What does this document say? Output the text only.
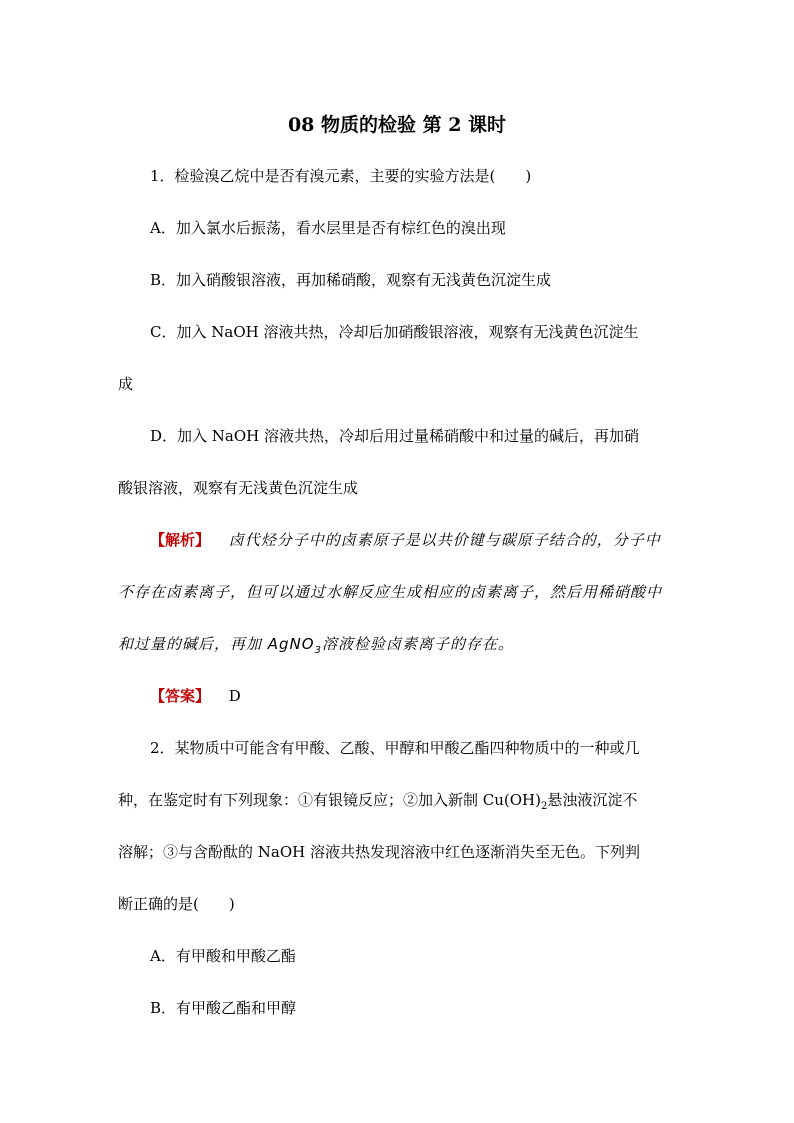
08 物质的检验 第 2 课时
1．检验溴乙烷中是否有溴元素，主要的实验方法是(　　)
A．加入氯水后振荡，看水层里是否有棕红色的溴出现
B．加入硝酸银溶液，再加稀硝酸，观察有无浅黄色沉淀生成
C．加入 NaOH 溶液共热，冷却后加硝酸银溶液，观察有无浅黄色沉淀生
成
D．加入 NaOH 溶液共热，冷却后用过量稀硝酸中和过量的碱后，再加硝
酸银溶液，观察有无浅黄色沉淀生成
【解析】 卤代烃分子中的卤素原子是以共价键与碳原子结合的，分子中
不存在卤素离子，但可以通过水解反应生成相应的卤素离子，然后用稀硝酸中
和过量的碱后，再加 AgNO$_3$溶液检验卤素离子的存在。
【答案】 D
2．某物质中可能含有甲酸、乙酸、甲醇和甲酸乙酯四种物质中的一种或几
种，在鉴定时有下列现象：①有银镜反应；②加入新制 $Cu(OH)_2$悬浊液沉淀不
溶解；③与含酚酞的 NaOH 溶液共热发现溶液中红色逐渐消失至无色。下列判
断正确的是(　　)
A．有甲酸和甲酸乙酯
B．有甲酸乙酯和甲醇
